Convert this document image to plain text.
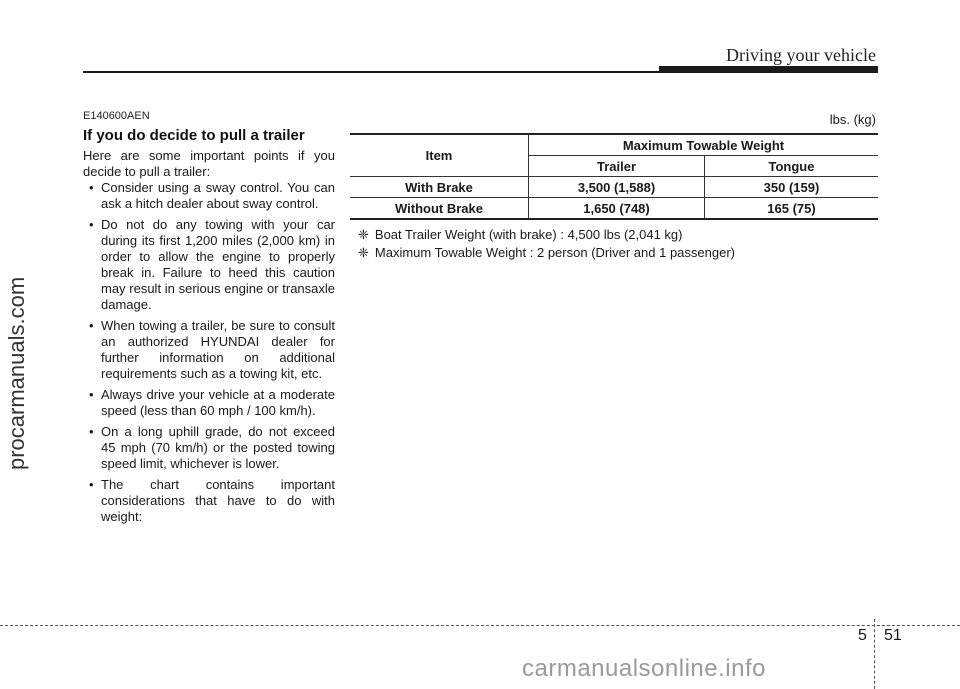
Driving your vehicle
procarmanuals.com
E140600AEN
If you do decide to pull a trailer
Here are some important points if you decide to pull a trailer:
• Consider using a sway control. You can ask a hitch dealer about sway control.
• Do not do any towing with your car during its first 1,200 miles (2,000 km) in order to allow the engine to properly break in. Failure to heed this caution may result in serious engine or transaxle damage.
• When towing a trailer, be sure to consult an authorized HYUNDAI dealer for further information on additional requirements such as a towing kit, etc.
• Always drive your vehicle at a moderate speed (less than 60 mph / 100 km/h).
• On a long uphill grade, do not exceed 45 mph (70 km/h) or the posted towing speed limit, whichever is lower.
• The chart contains important considerations that have to do with weight:
lbs. (kg)
Item	Maximum Towable Weight	
	Trailer	Tongue
With Brake	3,500 (1,588)	350 (159)
Without Brake	1,650 (748)	165 (75)
❈ Boat Trailer Weight (with brake) : 4,500 lbs (2,041 kg)
❈ Maximum Towable Weight : 2 person (Driver and 1 passenger)
5 51
carmanualsonline.info
